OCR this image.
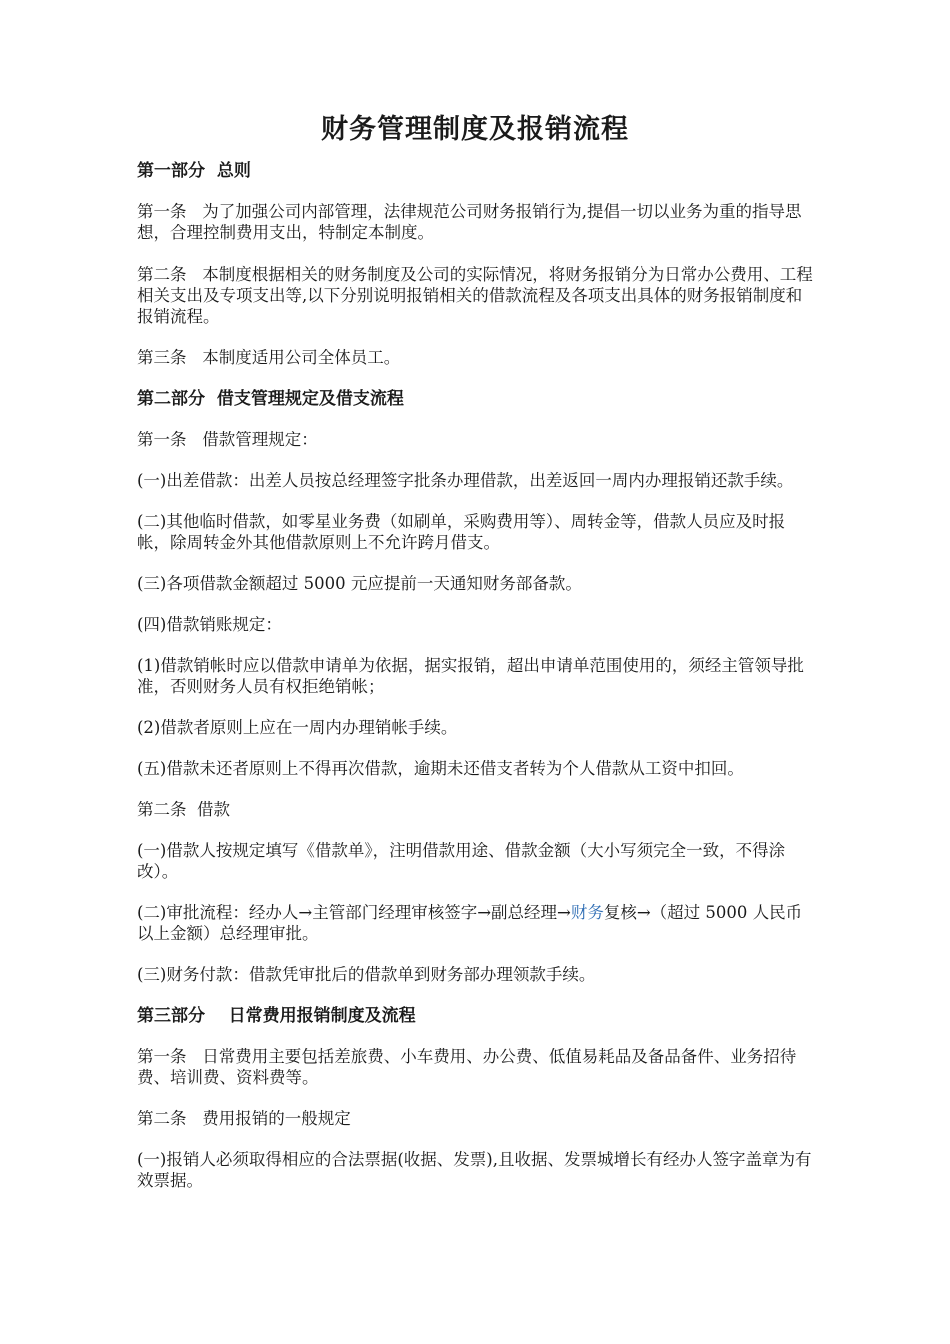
财务管理制度及报销流程
第一部分  总则
第一条   为了加强公司内部管理，法律规范公司财务报销行为,提倡一切以业务为重的指导思想，合理控制费用支出，特制定本制度。
第二条   本制度根据相关的财务制度及公司的实际情况，将财务报销分为日常办公费用、工程相关支出及专项支出等,以下分别说明报销相关的借款流程及各项支出具体的财务报销制度和报销流程。
第三条   本制度适用公司全体员工。
第二部分  借支管理规定及借支流程
第一条   借款管理规定：
(一)出差借款：出差人员按总经理签字批条办理借款，出差返回一周内办理报销还款手续。
(二)其他临时借款，如零星业务费（如刷单，采购费用等）、周转金等，借款人员应及时报帐，除周转金外其他借款原则上不允许跨月借支。
(三)各项借款金额超过 5000 元应提前一天通知财务部备款。
(四)借款销账规定：
(1)借款销帐时应以借款申请单为依据，据实报销，超出申请单范围使用的，须经主管领导批准，否则财务人员有权拒绝销帐；
(2)借款者原则上应在一周内办理销帐手续。
(五)借款未还者原则上不得再次借款，逾期未还借支者转为个人借款从工资中扣回。
第二条  借款
(一)借款人按规定填写《借款单》，注明借款用途、借款金额（大小写须完全一致，不得涂改）。
(二)审批流程：经办人→主管部门经理审核签字→副总经理→财务复核→（超过 5000 人民币以上金额）总经理审批。
(三)财务付款：借款凭审批后的借款单到财务部办理领款手续。
第三部分    日常费用报销制度及流程
第一条   日常费用主要包括差旅费、小车费用、办公费、低值易耗品及备品备件、业务招待费、培训费、资料费等。
第二条   费用报销的一般规定
(一)报销人必须取得相应的合法票据(收据、发票),且收据、发票城增长有经办人签字盖章为有效票据。
